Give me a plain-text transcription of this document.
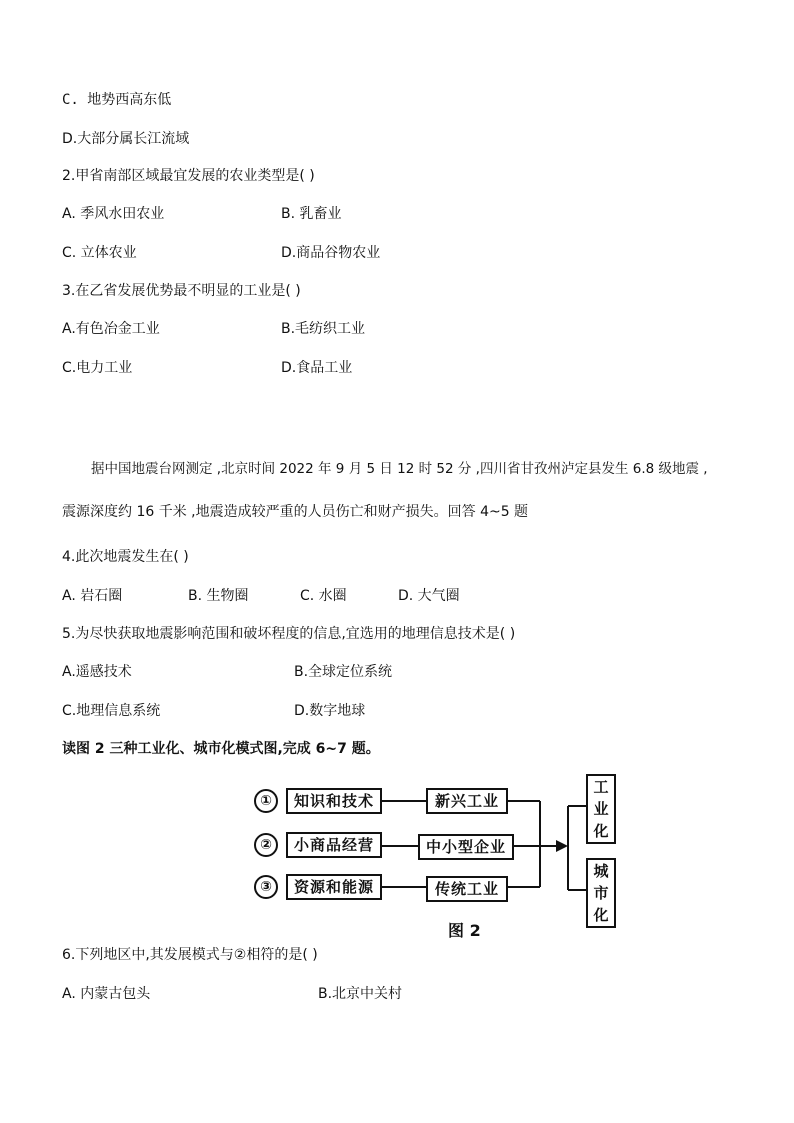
C. 地势西高东低
D.大部分属长江流域
2.甲省南部区域最宜发展的农业类型是( )
A. 季风水田农业	B. 乳畜业
C. 立体农业	D.商品谷物农业
3.在乙省发展优势最不明显的工业是( )
A.有色冶金工业	B.毛纺织工业
C.电力工业	D.食品工业
据中国地震台网测定 ,北京时间 2022 年 9 月 5 日 12 时 52 分 ,四川省甘孜州泸定县发生 6.8 级地震 ,
震源深度约 16 千米 ,地震造成较严重的人员伤亡和财产损失。回答 4~5 题
4.此次地震发生在( )
A. 岩石圈	B. 生物圈	C. 水圈	D. 大气圈
5.为尽快获取地震影响范围和破坏程度的信息,宜选用的地理信息技术是( )
A.遥感技术	B.全球定位系统
C.地理信息系统	D.数字地球
读图 2 三种工业化、城市化模式图,完成 6~7 题。
①	知识和技术	新兴工业
②	小商品经营	中小型企业
③	资源和能源	传统工业
工
业
化
城
市
化
图 2
6.下列地区中,其发展模式与②相符的是( )
A. 内蒙古包头	B.北京中关村
